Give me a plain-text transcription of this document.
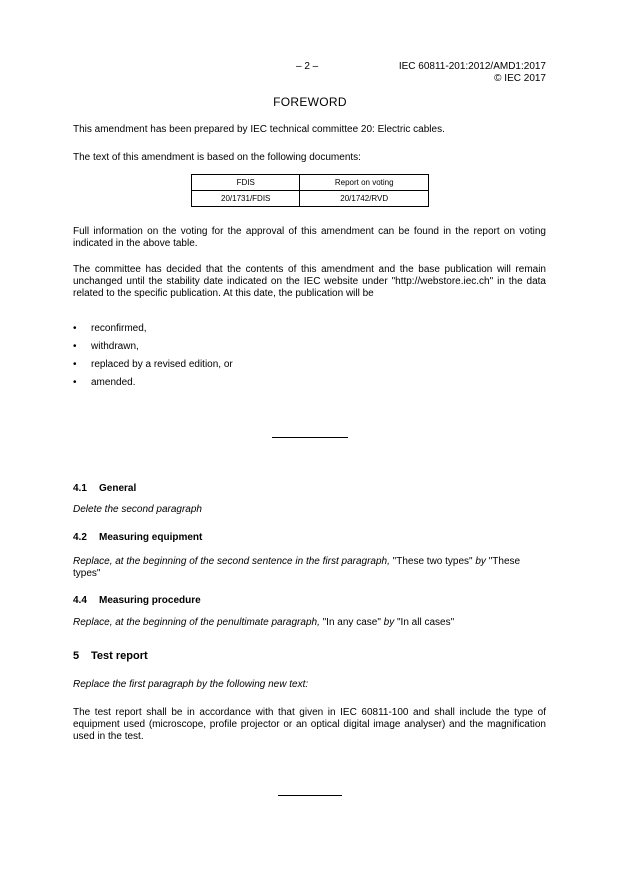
– 2 –	IEC 60811-201:2012/AMD1:2017
© IEC 2017
FOREWORD
This amendment has been prepared by IEC technical committee 20: Electric cables.
The text of this amendment is based on the following documents:
FDIS	Report on voting
20/1731/FDIS	20/1742/RVD
Full information on the voting for the approval of this amendment can be found in the report on voting indicated in the above table.
The committee has decided that the contents of this amendment and the base publication will remain unchanged until the stability date indicated on the IEC website under "http://webstore.iec.ch" in the data related to the specific publication. At this date, the publication will be
• reconfirmed,
• withdrawn,
• replaced by a revised edition, or
• amended.
4.1 General
Delete the second paragraph
4.2 Measuring equipment
Replace, at the beginning of the second sentence in the first paragraph, "These two types" by "These types"
4.4 Measuring procedure
Replace, at the beginning of the penultimate paragraph, "In any case" by "In all cases"
5 Test report
Replace the first paragraph by the following new text:
The test report shall be in accordance with that given in IEC 60811-100 and shall include the type of equipment used (microscope, profile projector or an optical digital image analyser) and the magnification used in the test.
